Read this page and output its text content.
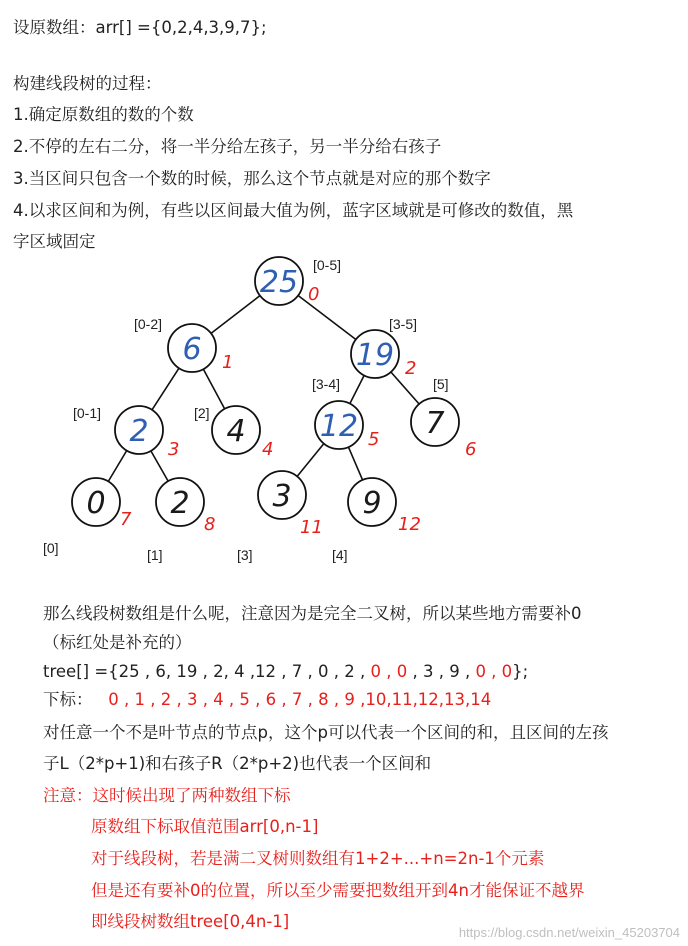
设原数组：arr[] ={0,2,4,3,9,7};
构建线段树的过程：
1.确定原数组的数的个数
2.不停的左右二分，将一半分给左孩子，另一半分给右孩子
3.当区间只包含一个数的时候，那么这个节点就是对应的那个数字
4.以求区间和为例，有些以区间最大值为例，蓝字区域就是可修改的数值，黑
字区域固定
25 [0-5]
0
6
[0-2]
1	19
[3-5]
2
2
[0-1]
3
4
[2]
4
12
[3-4]
5 7
[5]
6
0
[0]
7 2
[1]
8
3
[3]
11
9
[4]
12
那么线段树数组是什么呢，注意因为是完全二叉树，所以某些地方需要补0
（标红处是补充的）
tree[] ={25 , 6, 19 , 2, 4 ,12 , 7 , 0 , 2 , 0 , 0 , 3 , 9 , 0 , 0};
下标： 0 , 1 , 2 , 3 , 4 , 5 , 6 , 7 , 8 , 9 ,10,11,12,13,14
对任意一个不是叶节点的节点p，这个p可以代表一个区间的和，且区间的左孩
子L（2*p+1)和右孩子R（2*p+2)也代表一个区间和
注意：这时候出现了两种数组下标
原数组下标取值范围arr[0,n-1]
对于线段树，若是满二叉树则数组有1+2+...+n=2n-1个元素
但是还有要补0的位置，所以至少需要把数组开到4n才能保证不越界
即线段树数组tree[0,4n-1]
https://blog.csdn.net/weixin_45203704
